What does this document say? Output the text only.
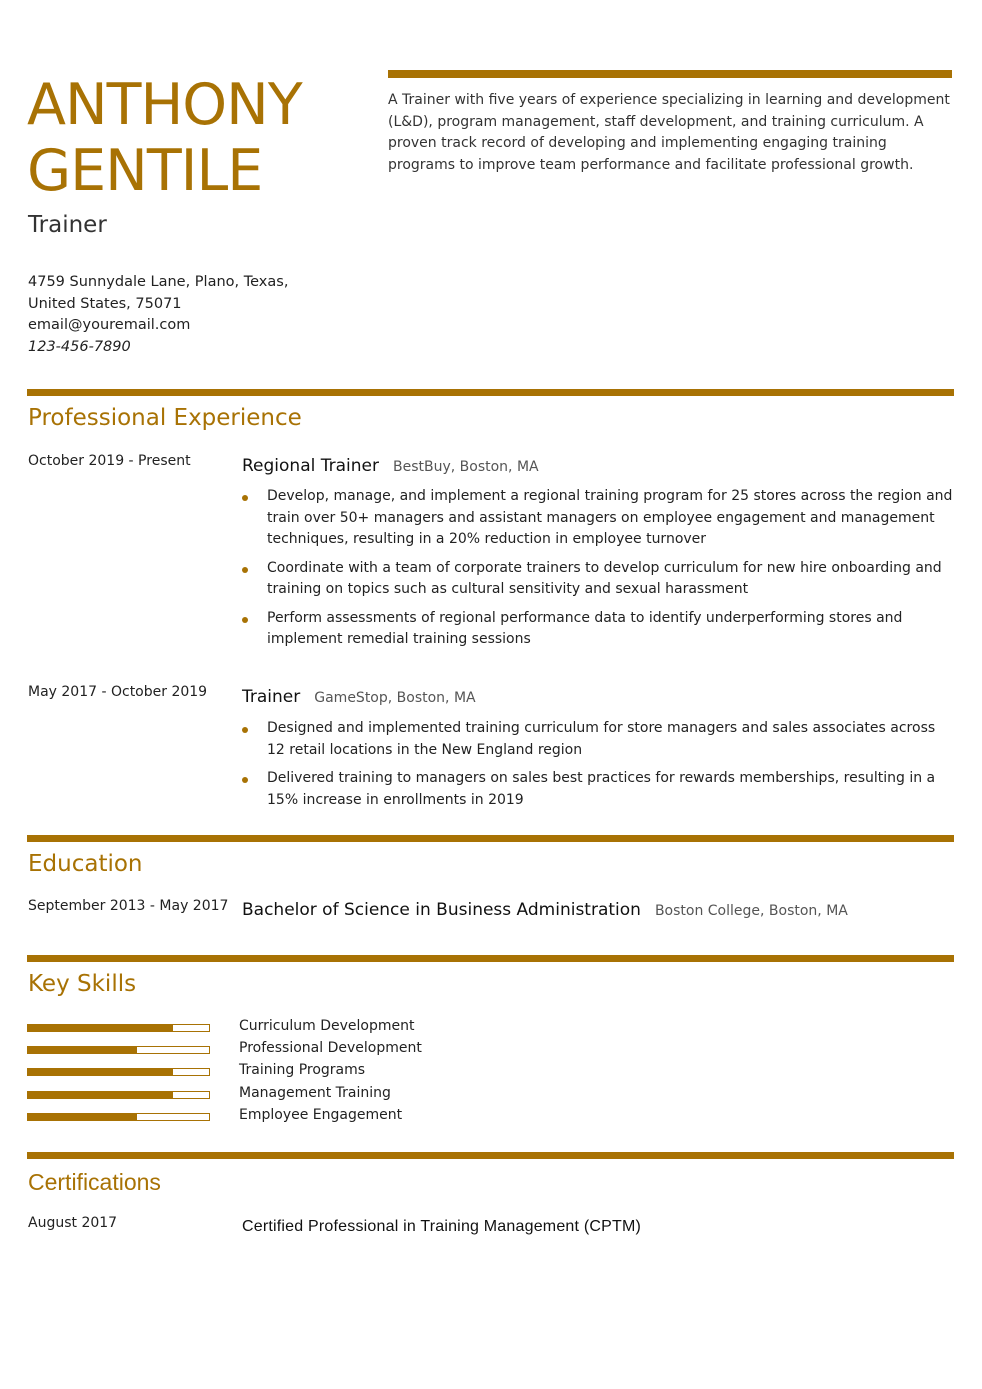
ANTHONY
GENTILE
Trainer
4759 Sunnydale Lane, Plano, Texas, United States, 75071
email@youremail.com
123-456-7890
A Trainer with five years of experience specializing in learning and development (L&D), program management, staff development, and training curriculum. A proven track record of developing and implementing engaging training programs to improve team performance and facilitate professional growth.
Professional Experience
October 2019 - Present	Regional Trainer BestBuy, Boston, MA
Develop, manage, and implement a regional training program for 25 stores across the region and train over 50+ managers and assistant managers on employee engagement and management techniques, resulting in a 20% reduction in employee turnover
Coordinate with a team of corporate trainers to develop curriculum for new hire onboarding and training on topics such as cultural sensitivity and sexual harassment
Perform assessments of regional performance data to identify underperforming stores and implement remedial training sessions
May 2017 - October 2019 Trainer GameStop, Boston, MA
Designed and implemented training curriculum for store managers and sales associates across 12 retail locations in the New England region
Delivered training to managers on sales best practices for rewards memberships, resulting in a 15% increase in enrollments in 2019
Education
September 2013 - May 2017 Bachelor of Science in Business Administration Boston College, Boston, MA
Key Skills
Curriculum Development
Professional Development
Training Programs
Management Training
Employee Engagement
Certifications
August 2017	Certified Professional in Training Management (CPTM)
